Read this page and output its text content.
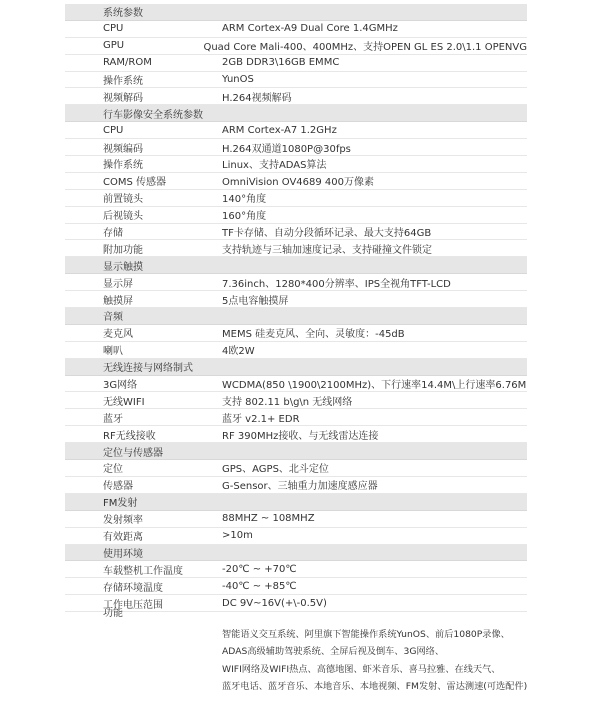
系统参数
CPU	ARM Cortex-A9 Dual Core 1.4GMHz
GPU	Quad Core Mali-400、400MHz、支持OPEN GL ES 2.0\1.1 OPENVG
RAM/ROM	2GB DDR3\16GB EMMC
操作系统	YunOS
视频解码	H.264视频解码
行车影像安全系统参数
CPU	ARM Cortex-A7 1.2GHz
视频编码	H.264双通道1080P@30fps
操作系统	Linux、支持ADAS算法
COMS 传感器	OmniVision OV4689 400万像素
前置镜头	140°角度
后视镜头	160°角度
存储	TF卡存储、自动分段循环记录、最大支持64GB
附加功能	支持轨迹与三轴加速度记录、支持碰撞文件锁定
显示触摸
显示屏	7.36inch、1280*400分辨率、IPS全视角TFT-LCD
触摸屏	5点电容触摸屏
音频
麦克风	MEMS 硅麦克风、全向、灵敏度：-45dB
喇叭	4欧2W
无线连接与网络制式
3G网络	WCDMA(850 \1900\2100MHz)、下行速率14.4M\上行速率6.76M
无线WIFI	支持 802.11 b\g\n 无线网络
蓝牙	蓝牙 v2.1+ EDR
RF无线接收	RF 390MHz接收、与无线雷达连接
定位与传感器
定位	GPS、AGPS、北斗定位
传感器	G-Sensor、三轴重力加速度感应器
FM发射
发射频率	88MHZ ~ 108MHZ
有效距离	>10m
使用环境
车载整机工作温度	-20℃ ~ +70℃
存储环境温度	-40℃ ~ +85℃
工作电压范围	DC 9V~16V(+\-0.5V)
功能
智能语义交互系统、阿里旗下智能操作系统YunOS、前后1080P录像、
ADAS高级辅助驾驶系统、全屏后视及倒车、3G网络、
WIFI网络及WIFI热点、高德地图、虾米音乐、喜马拉雅、在线天气、
蓝牙电话、蓝牙音乐、本地音乐、本地视频、FM发射、雷达测速(可选配件)
